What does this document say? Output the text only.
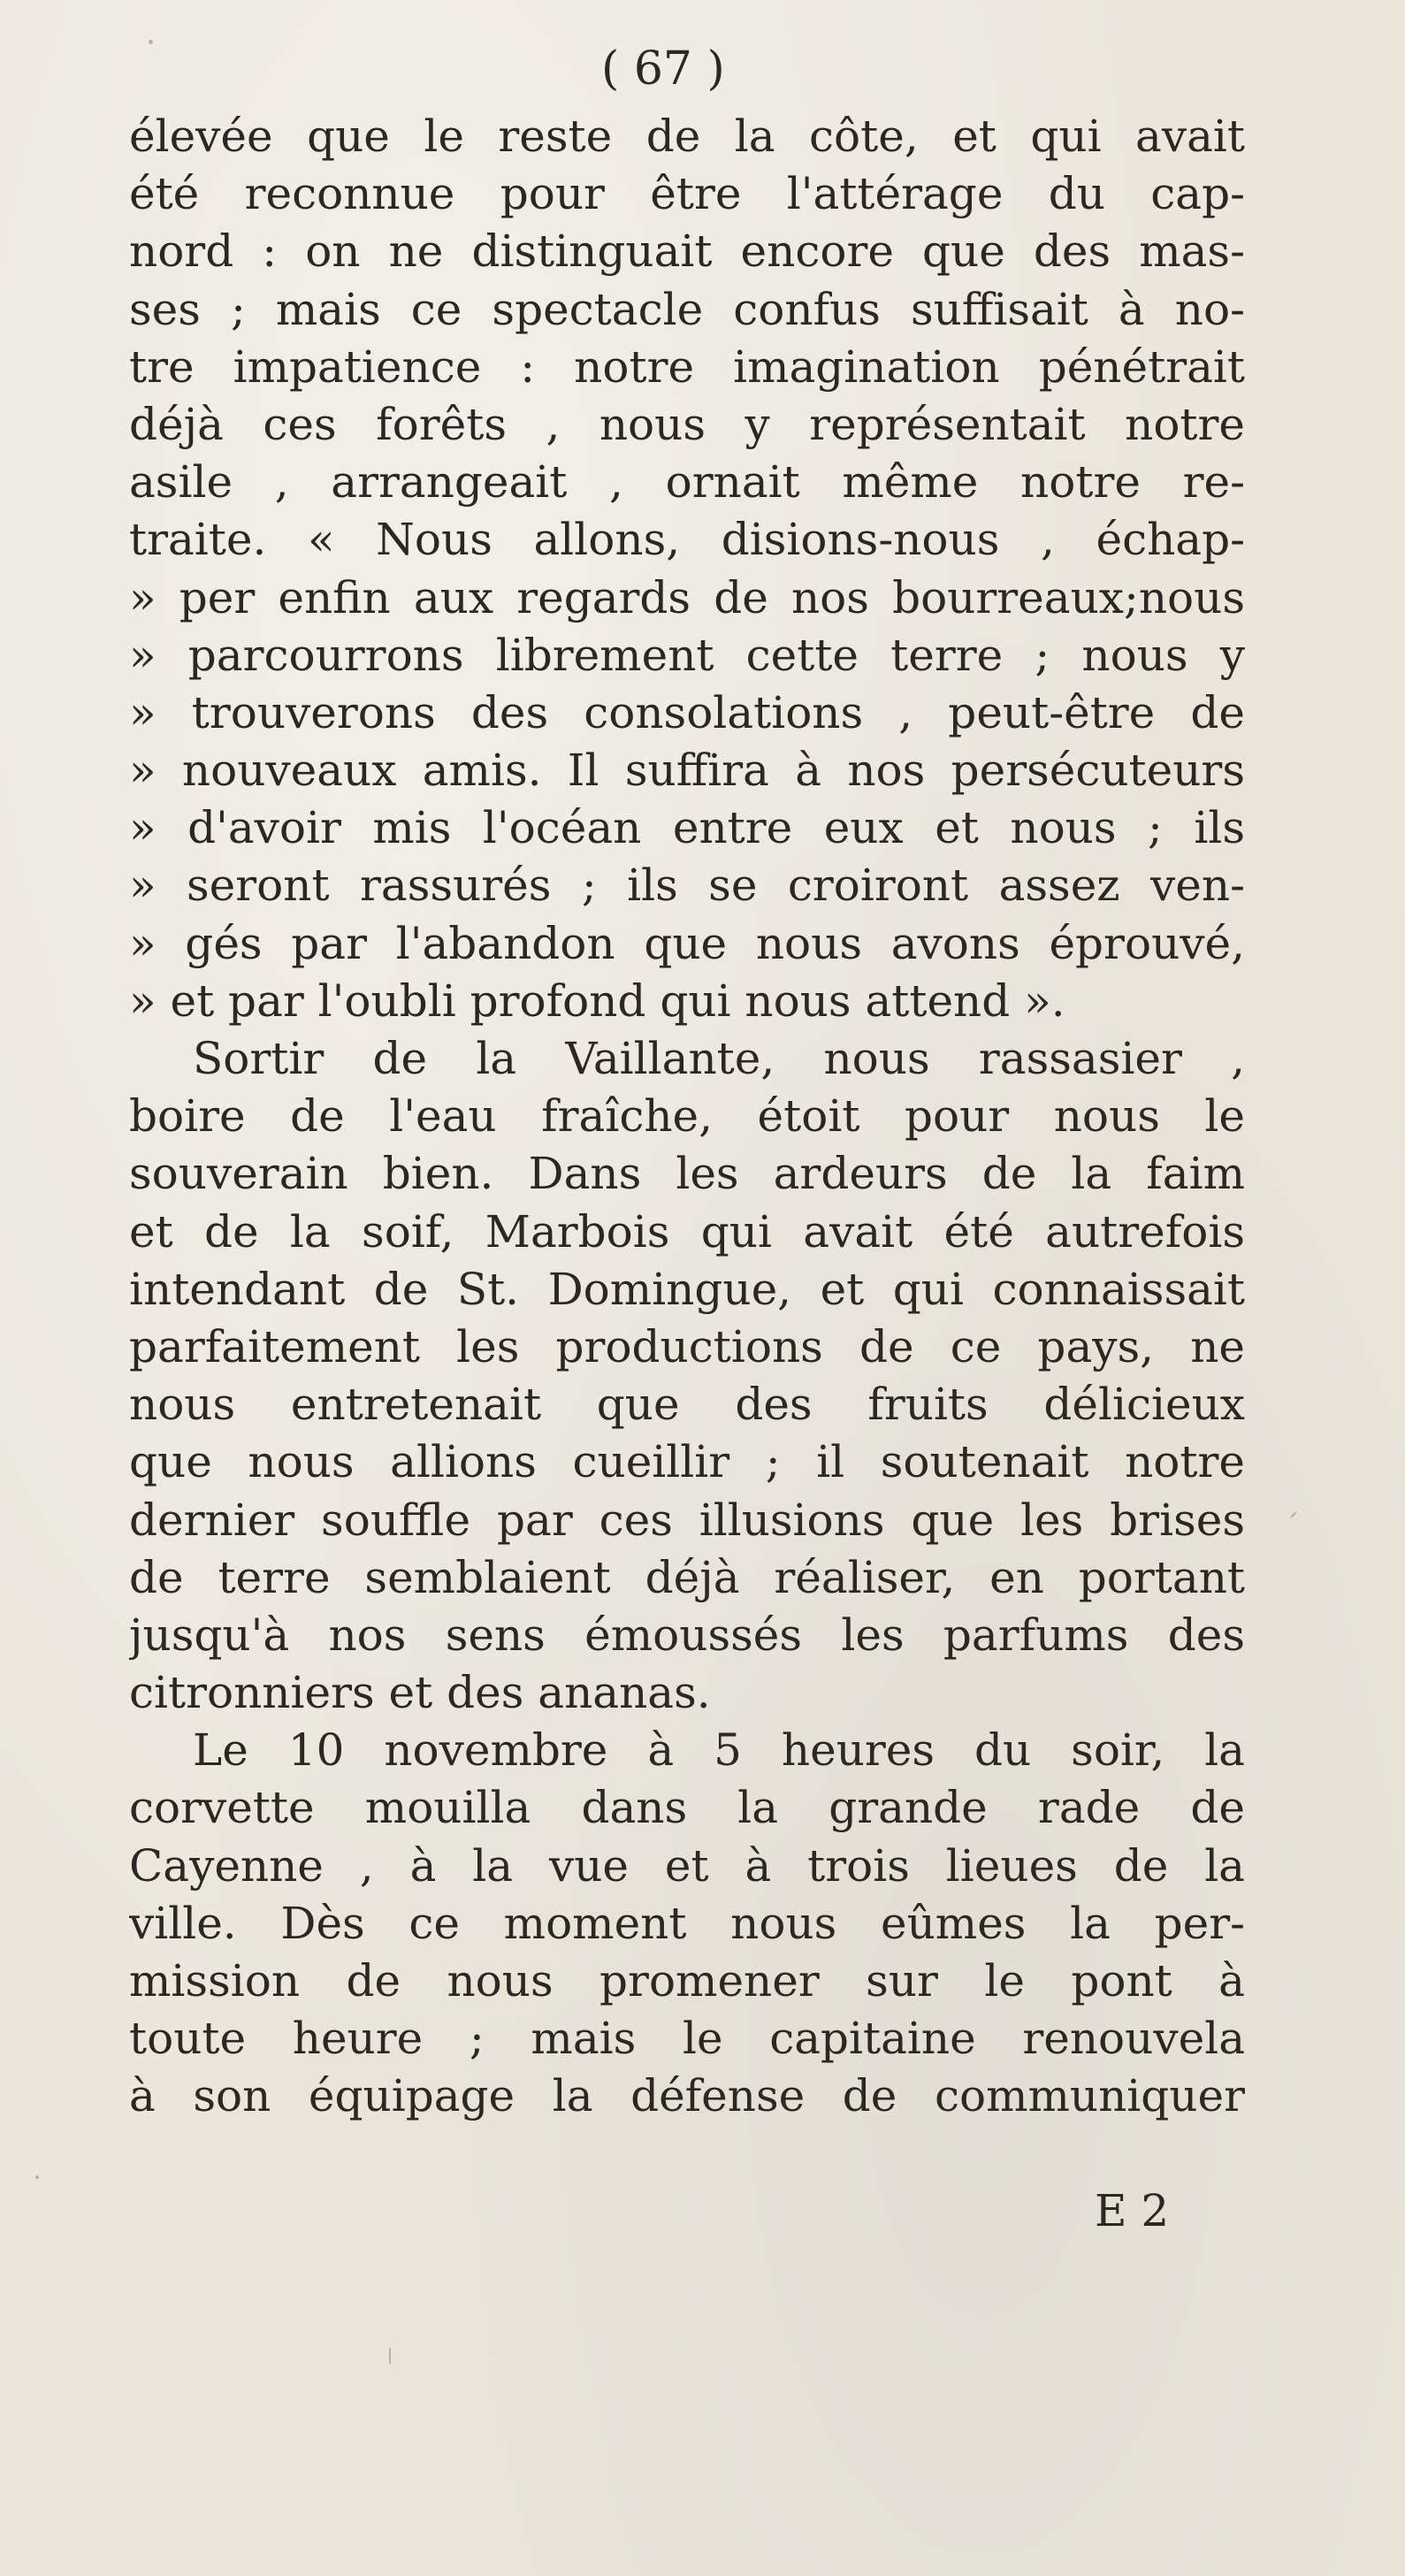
( 67 )
élevée que le reste de la côte, et qui avait
été reconnue pour être l'attérage du cap-
nord : on ne distinguait encore que des mas-
ses ; mais ce spectacle confus suffisait à no-
tre impatience : notre imagination pénétrait
déjà ces forêts , nous y représentait notre
asile , arrangeait , ornait même notre re-
traite. « Nous allons, disions-nous , échap-
» per enfin aux regards de nos bourreaux;nous
» parcourrons librement cette terre ; nous y
» trouverons des consolations , peut-être de
» nouveaux amis. Il suffira à nos persécuteurs
» d'avoir mis l'océan entre eux et nous ; ils
» seront rassurés ; ils se croiront assez ven-
» gés par l'abandon que nous avons éprouvé,
» et par l'oubli profond qui nous attend ».
Sortir de la Vaillante, nous rassasier ,
boire de l'eau fraîche, étoit pour nous le
souverain bien. Dans les ardeurs de la faim
et de la soif, Marbois qui avait été autrefois
intendant de St. Domingue, et qui connaissait
parfaitement les productions de ce pays, ne
nous entretenait que des fruits délicieux
que nous allions cueillir ; il soutenait notre
dernier souffle par ces illusions que les brises
de terre semblaient déjà réaliser, en portant
jusqu'à nos sens émoussés les parfums des
citronniers et des ananas.
Le 10 novembre à 5 heures du soir, la
corvette mouilla dans la grande rade de
Cayenne , à la vue et à trois lieues de la
ville. Dès ce moment nous eûmes la per-
mission de nous promener sur le pont à
toute heure ; mais le capitaine renouvela
à son équipage la défense de communiquer
E 2
